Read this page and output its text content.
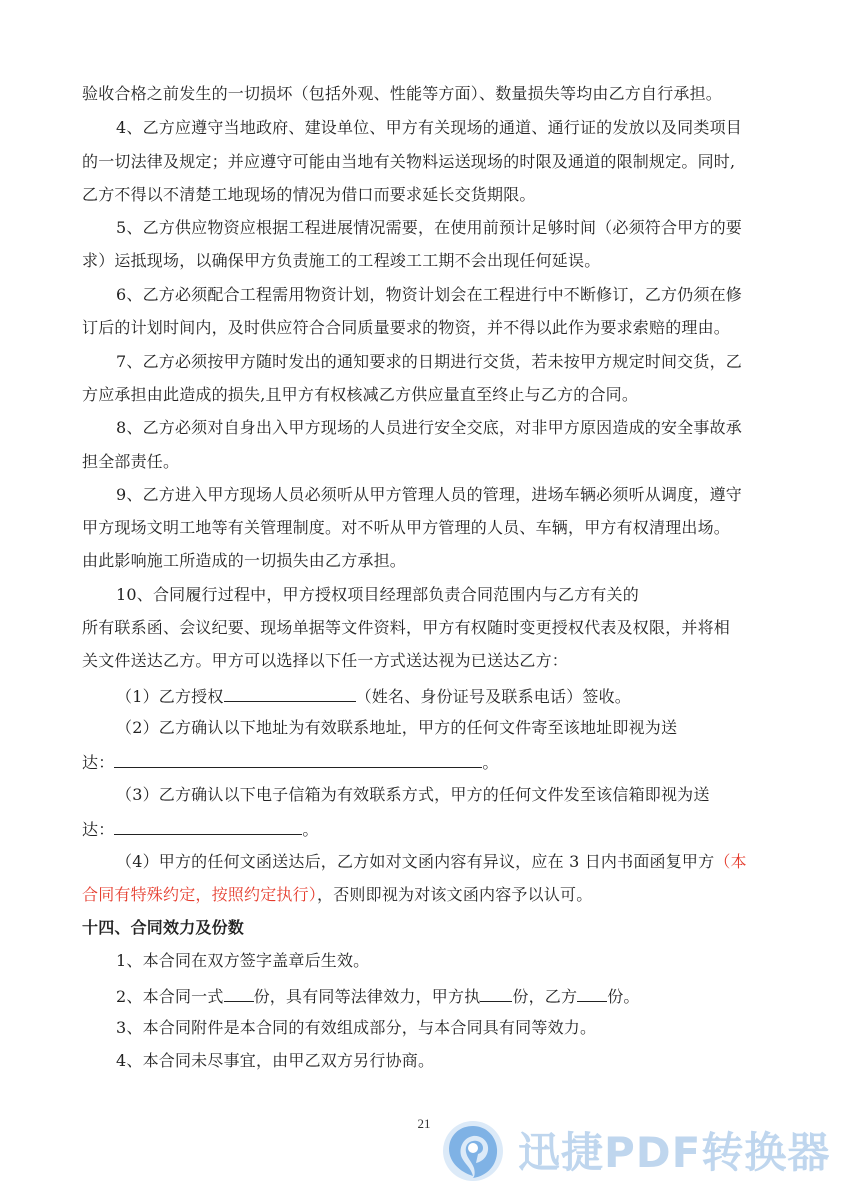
验收合格之前发生的一切损坏（包括外观、性能等方面）、数量损失等均由乙方自行承担。
4、乙方应遵守当地政府、建设单位、甲方有关现场的通道、通行证的发放以及同类项目
的一切法律及规定；并应遵守可能由当地有关物料运送现场的时限及通道的限制规定。同时,
乙方不得以不清楚工地现场的情况为借口而要求延长交货期限。
5、乙方供应物资应根据工程进展情况需要，在使用前预计足够时间（必须符合甲方的要
求）运抵现场，以确保甲方负责施工的工程竣工工期不会出现任何延误。
6、乙方必须配合工程需用物资计划，物资计划会在工程进行中不断修订，乙方仍须在修
订后的计划时间内，及时供应符合合同质量要求的物资，并不得以此作为要求索赔的理由。
7、乙方必须按甲方随时发出的通知要求的日期进行交货，若未按甲方规定时间交货，乙
方应承担由此造成的损失,且甲方有权核减乙方供应量直至终止与乙方的合同。
8、乙方必须对自身出入甲方现场的人员进行安全交底，对非甲方原因造成的安全事故承
担全部责任。
9、乙方进入甲方现场人员必须听从甲方管理人员的管理，进场车辆必须听从调度，遵守
甲方现场文明工地等有关管理制度。对不听从甲方管理的人员、车辆，甲方有权清理出场。
由此影响施工所造成的一切损失由乙方承担。
10、合同履行过程中，甲方授权项目经理部负责合同范围内与乙方有关的
所有联系函、会议纪要、现场单据等文件资料，甲方有权随时变更授权代表及权限，并将相
关文件送达乙方。甲方可以选择以下任一方式送达视为已送达乙方：
（1）乙方授权	（姓名、身份证号及联系电话）签收。
（2）乙方确认以下地址为有效联系地址，甲方的任何文件寄至该地址即视为送
达：	。
（3）乙方确认以下电子信箱为有效联系方式，甲方的任何文件发至该信箱即视为送
达：	。
（4）甲方的任何文函送达后，乙方如对文函内容有异议，应在 3 日内书面函复甲方（本
合同有特殊约定，按照约定执行），否则即视为对该文函内容予以认可。
十四、合同效力及份数
1、本合同在双方签字盖章后生效。
2、本合同一式 份，具有同等法律效力，甲方执 份，乙方 份。
3、本合同附件是本合同的有效组成部分，与本合同具有同等效力。
4、本合同未尽事宜，由甲乙双方另行协商。
21
迅捷PDF转换器
